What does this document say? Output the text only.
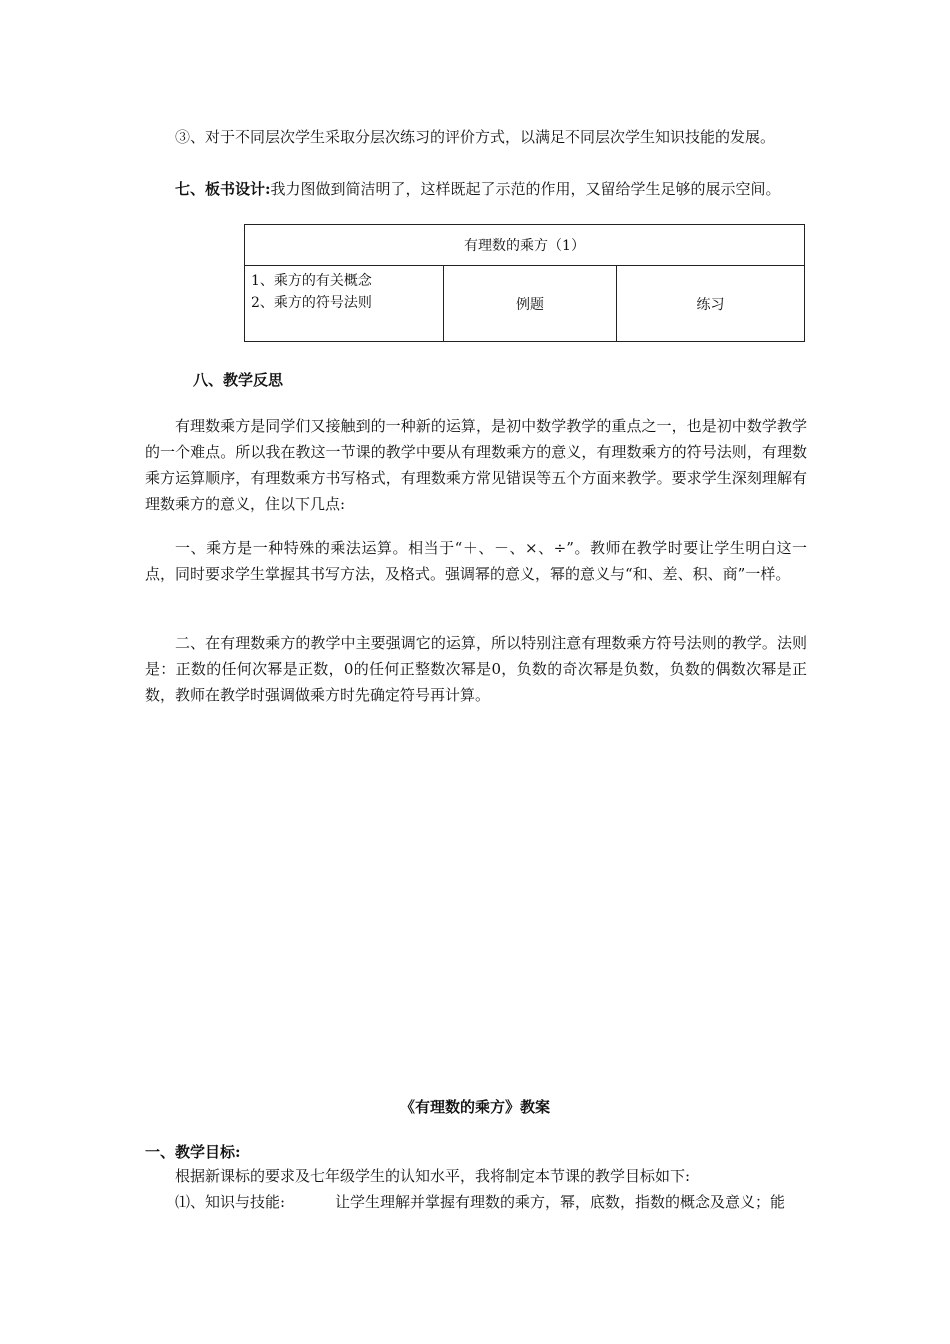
③、对于不同层次学生采取分层次练习的评价方式，以满足不同层次学生知识技能的发展。

七、板书设计:我力图做到简洁明了，这样既起了示范的作用，又留给学生足够的展示空间。

有理数的乘方（1）

1、乘方的有关概念
2、乘方的符号法则	例题	练习

八、教学反思

有理数乘方是同学们又接触到的一种新的运算，是初中数学教学的重点之一，也是初中数学教学的一个难点。所以我在教这一节课的教学中要从有理数乘方的意义，有理数乘方的符号法则，有理数乘方运算顺序，有理数乘方书写格式，有理数乘方常见错误等五个方面来教学。要求学生深刻理解有理数乘方的意义，住以下几点:

一、乘方是一种特殊的乘法运算。相当于“＋、－、×、÷”。教师在教学时要让学生明白这一点，同时要求学生掌握其书写方法，及格式。强调幂的意义，幂的意义与“和、差、积、商”一样。

二、在有理数乘方的教学中主要强调它的运算，所以特别注意有理数乘方符号法则的教学。法则是：正数的任何次幂是正数，0的任何正整数次幂是0，负数的奇次幂是负数，负数的偶数次幂是正数，教师在教学时强调做乘方时先确定符号再计算。

《有理数的乘方》教案

一、教学目标:

根据新课标的要求及七年级学生的认知水平，我将制定本节课的教学目标如下:

⑴、知识与技能:	让学生理解并掌握有理数的乘方，幂，底数，指数的概念及意义；能
